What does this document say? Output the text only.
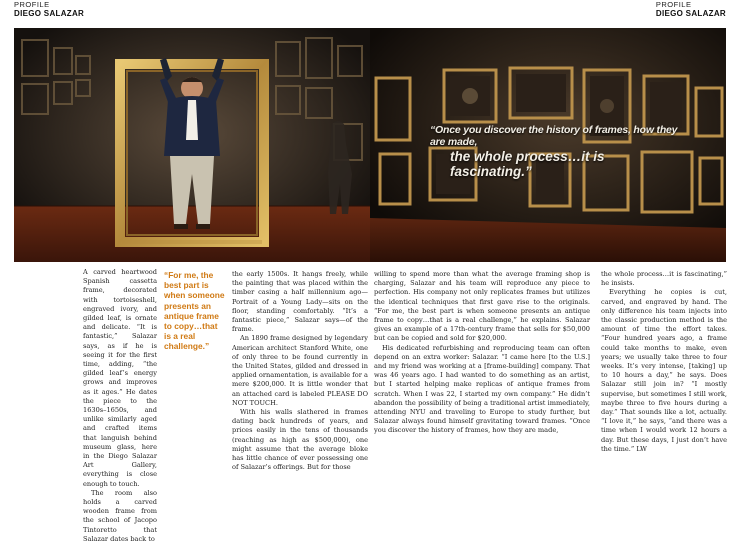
PROFILE
DIEGO SALAZAR
PROFILE
DIEGO SALAZAR
“Once you discover the history of frames, how they are made,
the whole process…it is fascinating.”

A carved heartwood Spanish cassetta frame, decorated with tortoiseshell, engraved ivory, and gilded leaf, is ornate and delicate. “It is fantastic,” Salazar says, as if he is seeing it for the first time, adding, “the gilded leaf’s energy grows and improves as it ages.” He dates the piece to the 1630s–1650s, and unlike similarly aged and crafted items that languish behind museum glass, here in the Diego Salazar Art Gallery, everything is close enough to touch.

The room also holds a carved wooden frame from the school of Jacopo Tintoretto that Salazar dates back to

“For me, the best part is when someone presents an antique frame to copy…that is a real challenge.”

the early 1500s. It hangs freely, while the painting that was placed within the timber casing a half millennium ago—Portrait of a Young Lady—sits on the floor, standing comfortably. “It’s a fantastic piece,” Salazar says—of the frame.

An 1890 frame designed by legendary American architect Stanford White, one of only three to be found currently in the United States, gilded and dressed in applied ornamentation, is available for a mere $200,000. It is little wonder that an attached card is labeled PLEASE DO NOT TOUCH.

With his walls slathered in frames dating back hundreds of years, and prices easily in the tens of thousands (reaching as high as $500,000), one might assume that the average bloke has little chance of ever possessing one of Salazar’s offerings. But for those

willing to spend more than what the average framing shop is charging, Salazar and his team will reproduce any piece to perfection. His company not only replicates frames but utilizes the identical techniques that first gave rise to the originals. “For me, the best part is when someone presents an antique frame to copy…that is a real challenge,” he explains. Salazar gives an example of a 17th-century frame that sells for $50,000 but can be copied and sold for $20,000.

His dedicated refurbishing and reproducing team can often depend on an extra worker: Salazar. “I came here [to the U.S.] and my friend was working at a [frame-building] company. That was 46 years ago. I had wanted to do something as an artist, but I started helping make replicas of antique frames from scratch. When I was 22, I started my own company.” He didn’t abandon the possibility of being a traditional artist immediately, attending NYU and traveling to Europe to study further, but Salazar always found himself gravitating toward frames. “Once you discover the history of frames, how they are made,

the whole process…it is fascinating,” he insists.

Everything he copies is cut, carved, and engraved by hand. The only difference his team injects into the classic production method is the amount of time the effort takes. “Four hundred years ago, a frame could take months to make, even years; we usually take three to four weeks. It’s very intense, [taking] up to 10 hours a day,” he says. Does Salazar still join in? “I mostly supervise, but sometimes I still work, maybe three to five hours during a day.” That sounds like a lot, actually. “I love it,” he says, “and there was a time when I would work 12 hours a day. But these days, I just don’t have the time.” LW
